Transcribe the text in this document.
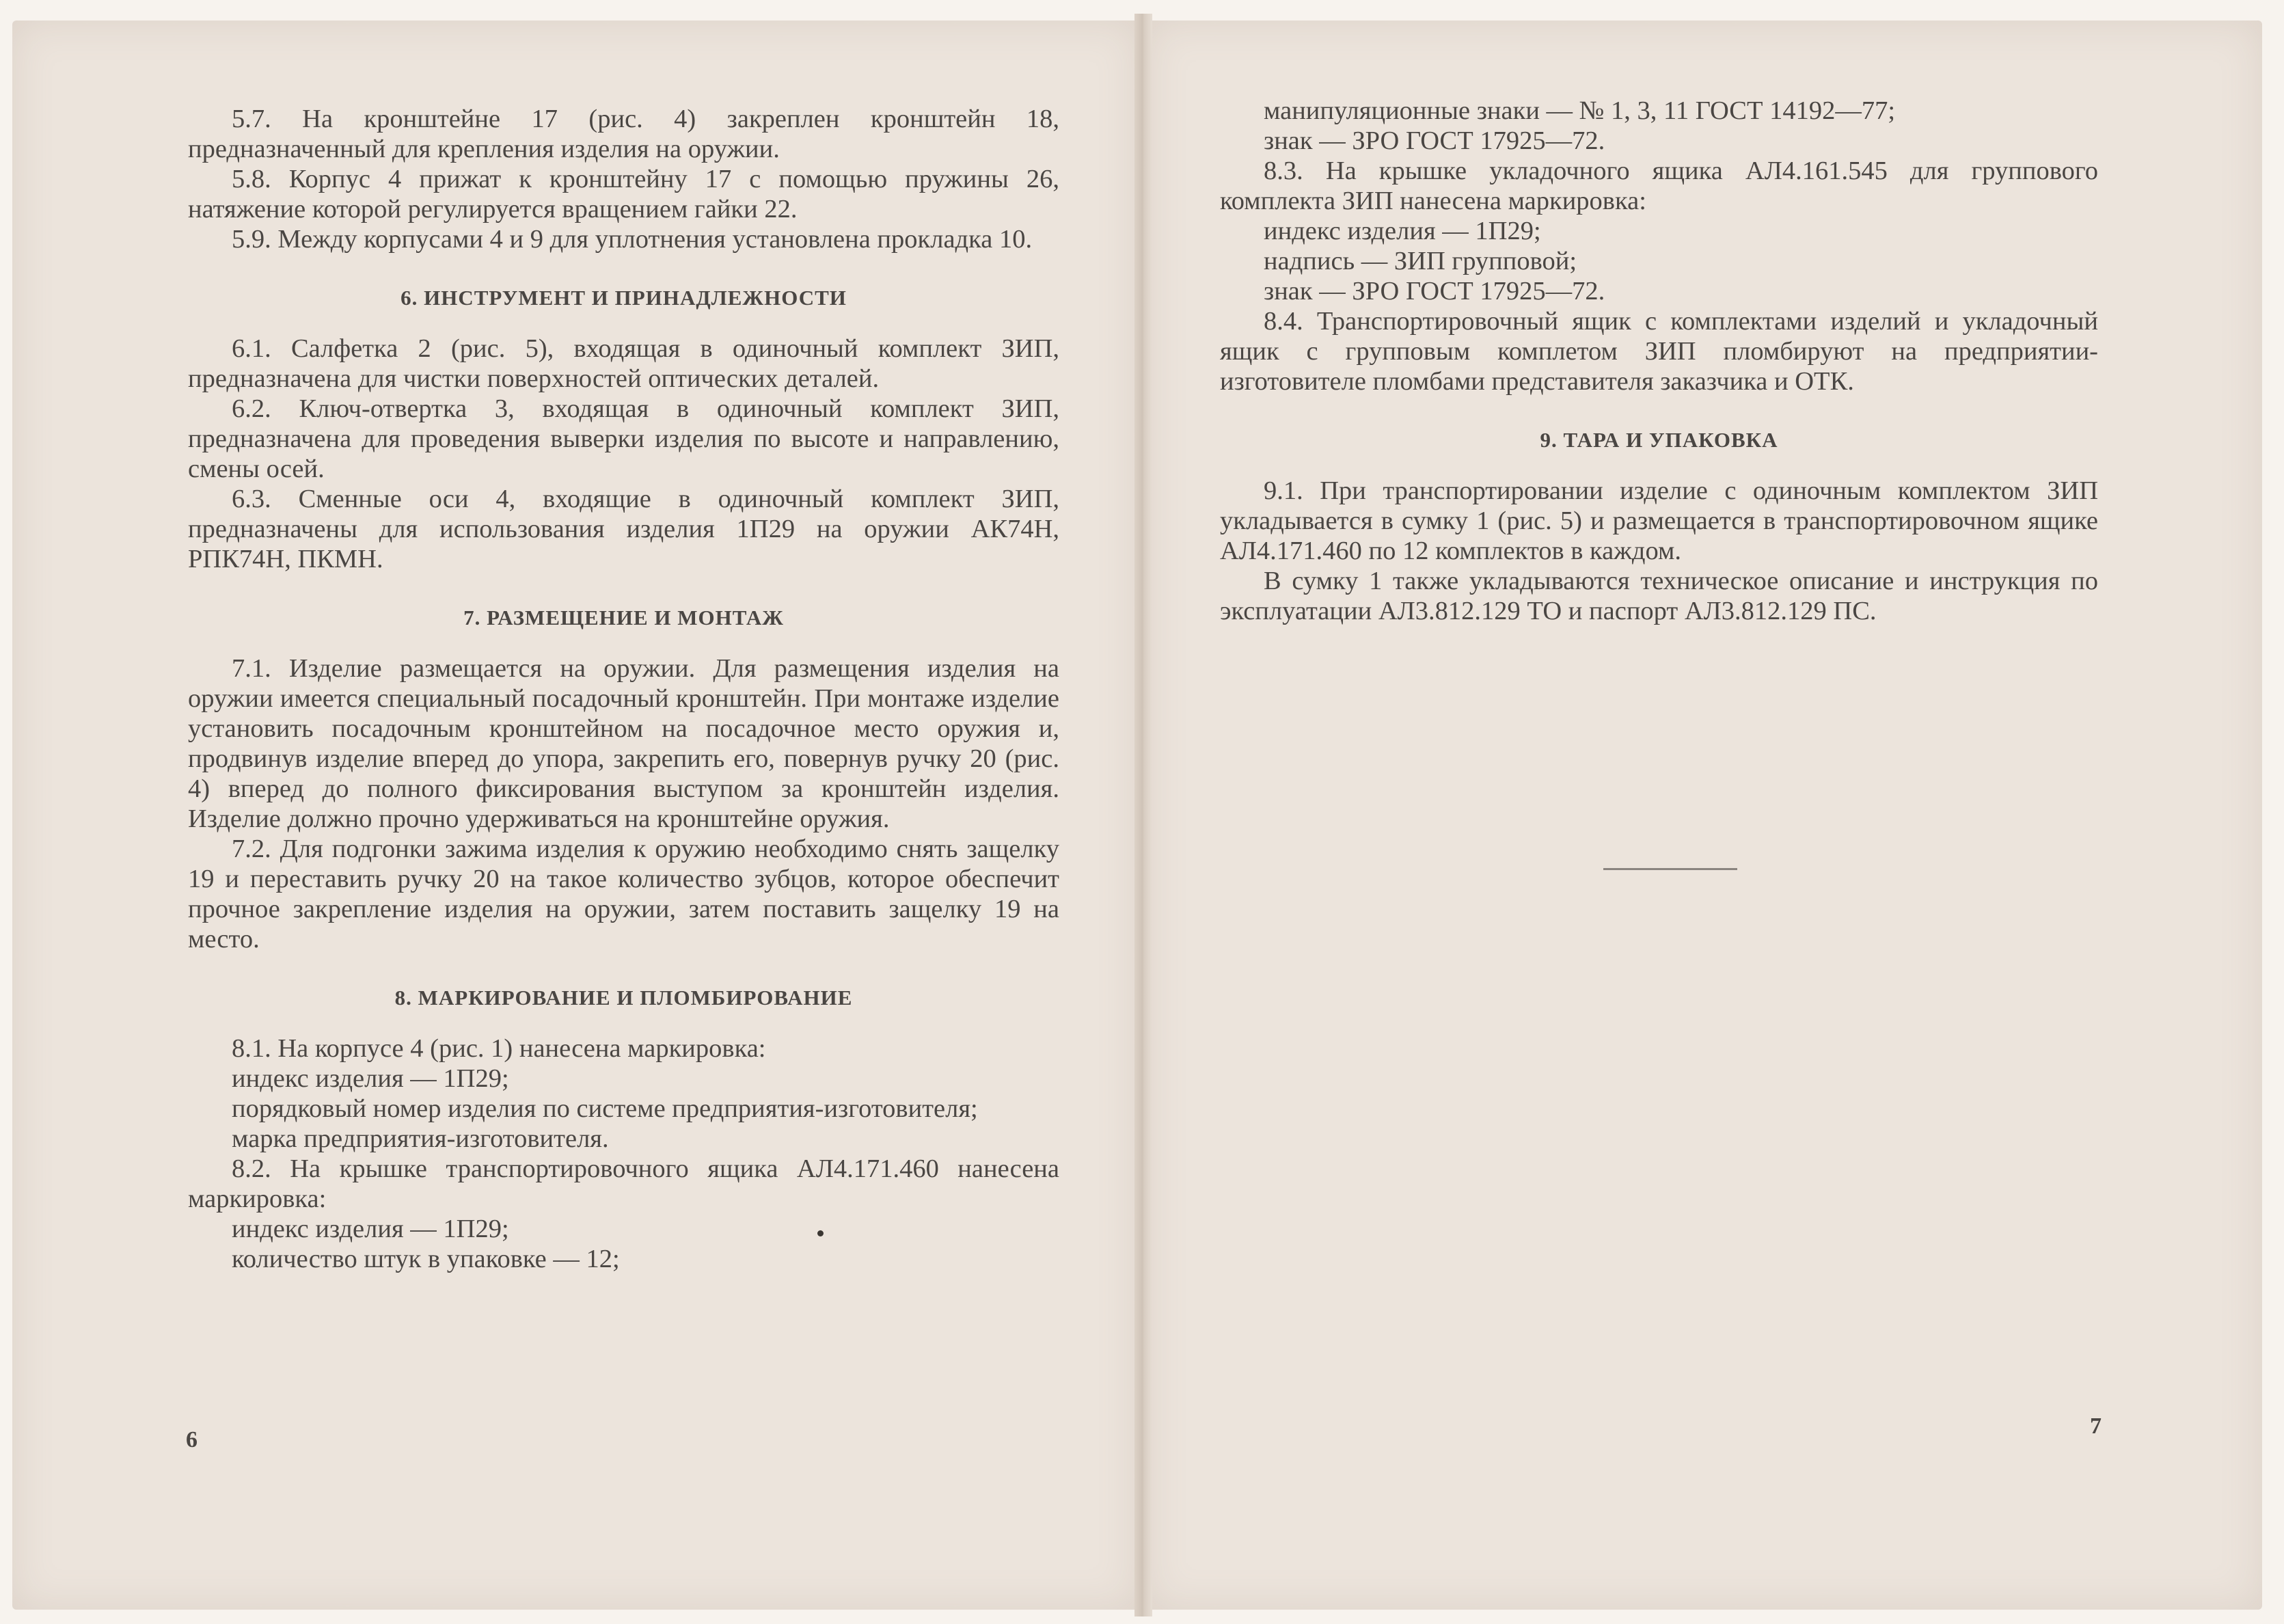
5.7. На кронштейне 17 (рис. 4) закреплен кронштейн 18, предназначенный для крепления изделия на оружии.

5.8. Корпус 4 прижат к кронштейну 17 с помощью пружины 26, натяжение которой регулируется вращением гайки 22.

5.9. Между корпусами 4 и 9 для уплотнения установлена прокладка 10.

6. ИНСТРУМЕНТ И ПРИНАДЛЕЖНОСТИ

6.1. Салфетка 2 (рис. 5), входящая в одиночный комплект ЗИП, предназначена для чистки поверхностей оптических деталей.

6.2. Ключ-отвертка 3, входящая в одиночный комплект ЗИП, предназначена для проведения выверки изделия по высоте и направлению, смены осей.

6.3. Сменные оси 4, входящие в одиночный комплект ЗИП, предназначены для использования изделия 1П29 на оружии АК74Н, РПК74Н, ПКМН.

7. РАЗМЕЩЕНИЕ И МОНТАЖ

7.1. Изделие размещается на оружии. Для размещения изделия на оружии имеется специальный посадочный кронштейн. При монтаже изделие установить посадочным кронштейном на посадочное место оружия и, продвинув изделие вперед до упора, закрепить его, повернув ручку 20 (рис. 4) вперед до полного фиксирования выступом за кронштейн изделия. Изделие должно прочно удерживаться на кронштейне оружия.

7.2. Для подгонки зажима изделия к оружию необходимо снять защелку 19 и переставить ручку 20 на такое количество зубцов, которое обеспечит прочное закрепление изделия на оружии, затем поставить защелку 19 на место.

8. МАРКИРОВАНИЕ И ПЛОМБИРОВАНИЕ

8.1. На корпусе 4 (рис. 1) нанесена маркировка:

индекс изделия — 1П29;

порядковый номер изделия по системе предприятия-изготовителя;

марка предприятия-изготовителя.

8.2. На крышке транспортировочного ящика АЛ4.171.460 нанесена маркировка:

индекс изделия — 1П29;

количество штук в упаковке — 12;

6

манипуляционные знаки — № 1, 3, 11 ГОСТ 14192—77;

знак — ЗРО ГОСТ 17925—72.

8.3. На крышке укладочного ящика АЛ4.161.545 для группового комплекта ЗИП нанесена маркировка:

индекс изделия — 1П29;

надпись — ЗИП групповой;

знак — ЗРО ГОСТ 17925—72.

8.4. Транспортировочный ящик с комплектами изделий и укладочный ящик с групповым комплетом ЗИП пломбируют на предприятии-изготовителе пломбами представителя заказчика и ОТК.

9. ТАРА И УПАКОВКА

9.1. При транспортировании изделие с одиночным комплектом ЗИП укладывается в сумку 1 (рис. 5) и размещается в транспортировочном ящике АЛ4.171.460 по 12 комплектов в каждом.

В сумку 1 также укладываются техническое описание и инструкция по эксплуатации АЛ3.812.129 ТО и паспорт АЛ3.812.129 ПС.

7
